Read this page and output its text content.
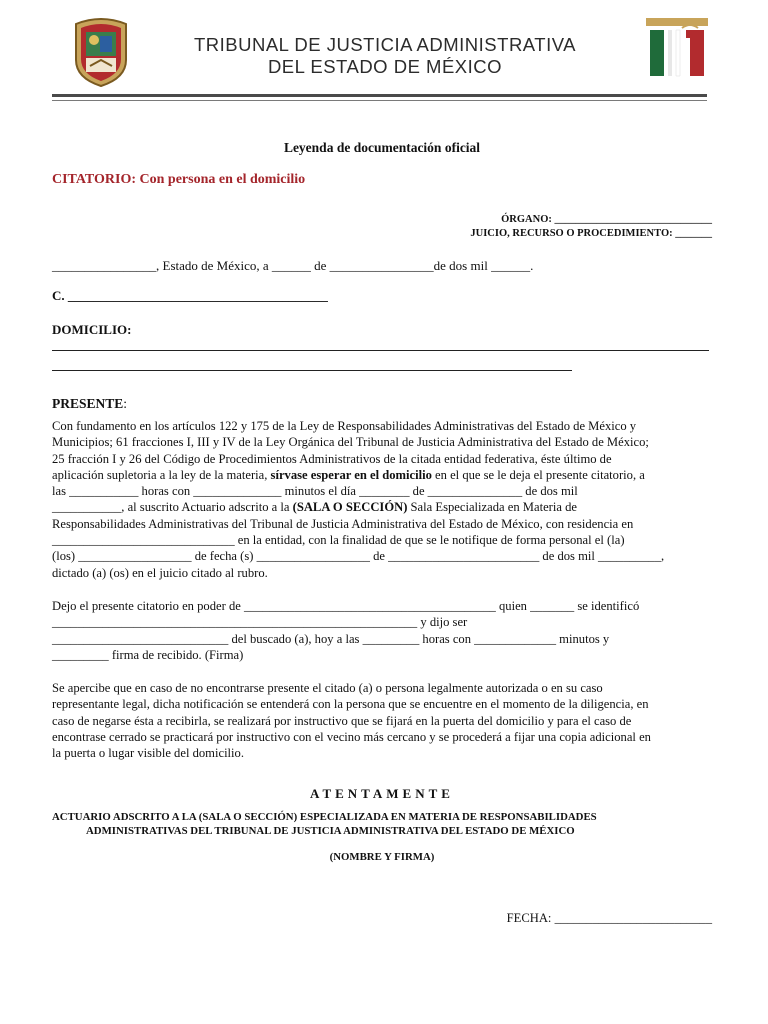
TRIBUNAL DE JUSTICIA ADMINISTRATIVA
DEL ESTADO DE MÉXICO
Leyenda de documentación oficial
CITATORIO: Con persona en el domicilio
ÓRGANO: ______________________________
JUICIO, RECURSO O PROCEDIMIENTO: _______
________________, Estado de México, a ______ de ________________de dos mil ______.
C. ________________________________________
DOMICILIO:
PRESENTE:
Con fundamento en los artículos 122 y 175 de la Ley de Responsabilidades Administrativas del Estado de México y
Municipios; 61 fracciones I, III y IV de la Ley Orgánica del Tribunal de Justicia Administrativa del Estado de México;
25 fracción I y 26 del Código de Procedimientos Administrativos de la citada entidad federativa, éste último de
aplicación supletoria a la ley de la materia, sírvase esperar en el domicilio en el que se le deja el presente citatorio, a
las ___________ horas con ______________ minutos el día ________ de _______________ de dos mil
___________, al suscrito Actuario adscrito a la (SALA O SECCIÓN) Sala Especializada en Materia de
Responsabilidades Administrativas del Tribunal de Justicia Administrativa del Estado de México, con residencia en
_____________________________ en la entidad, con la finalidad de que se le notifique de forma personal el (la)
(los) __________________ de fecha (s) __________________ de ________________________ de dos mil __________,
dictado (a) (os) en el juicio citado al rubro.
Dejo el presente citatorio en poder de ________________________________________ quien _______ se identificó
__________________________________________________________ y dijo ser
____________________________ del buscado (a), hoy a las _________ horas con _____________ minutos y
_________ firma de recibido. (Firma)
Se apercibe que en caso de no encontrarse presente el citado (a) o persona legalmente autorizada o en su caso
representante legal, dicha notificación se entenderá con la persona que se encuentre en el momento de la diligencia, en
caso de negarse ésta a recibirla, se realizará por instructivo que se fijará en la puerta del domicilio y para el caso de
encontrase cerrado se practicará por instructivo con el vecino más cercano y se procederá a fijar una copia adicional en
la puerta o lugar visible del domicilio.
ATENTAMENTE
ACTUARIO ADSCRITO A LA (SALA O SECCIÓN) ESPECIALIZADA EN MATERIA DE RESPONSABILIDADES
ADMINISTRATIVAS DEL TRIBUNAL DE JUSTICIA ADMINISTRATIVA DEL ESTADO DE MÉXICO
(NOMBRE Y FIRMA)
FECHA: _________________________
